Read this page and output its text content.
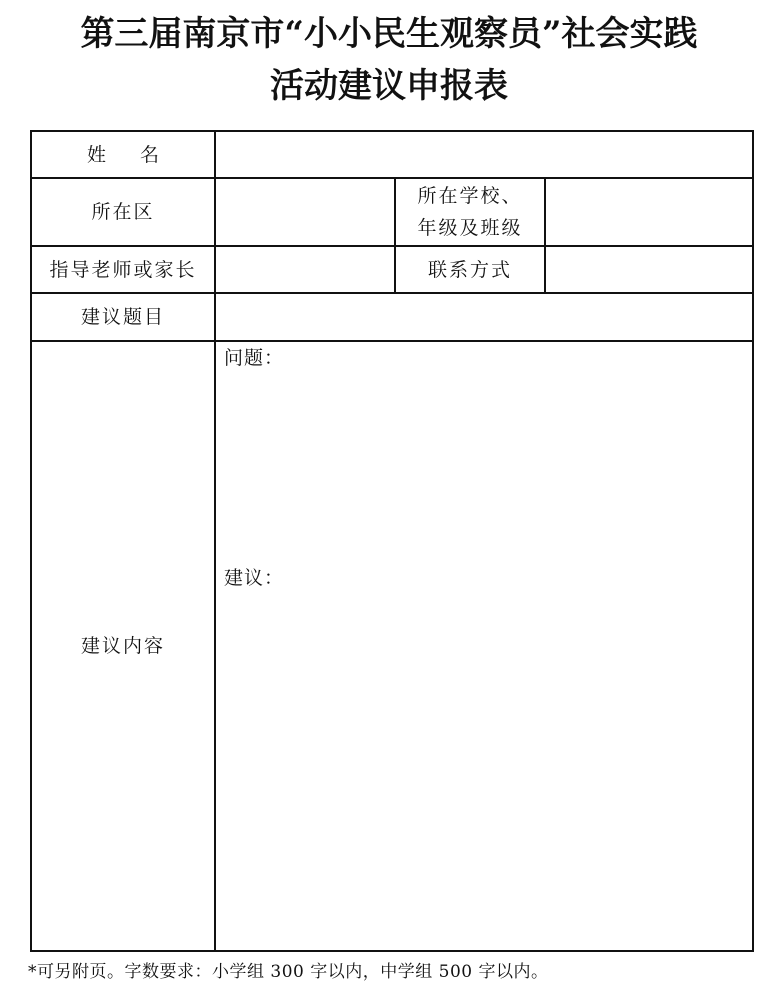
第三届南京市“小小民生观察员”社会实践
活动建议申报表
姓 名			
所在区		所在学校、
年级及班级	

指导老师或家长		联系方式	
建议题目			
建议内容	问题：
建议：		
*可另附页。字数要求：小学组 300 字以内，中学组 500 字以内。
